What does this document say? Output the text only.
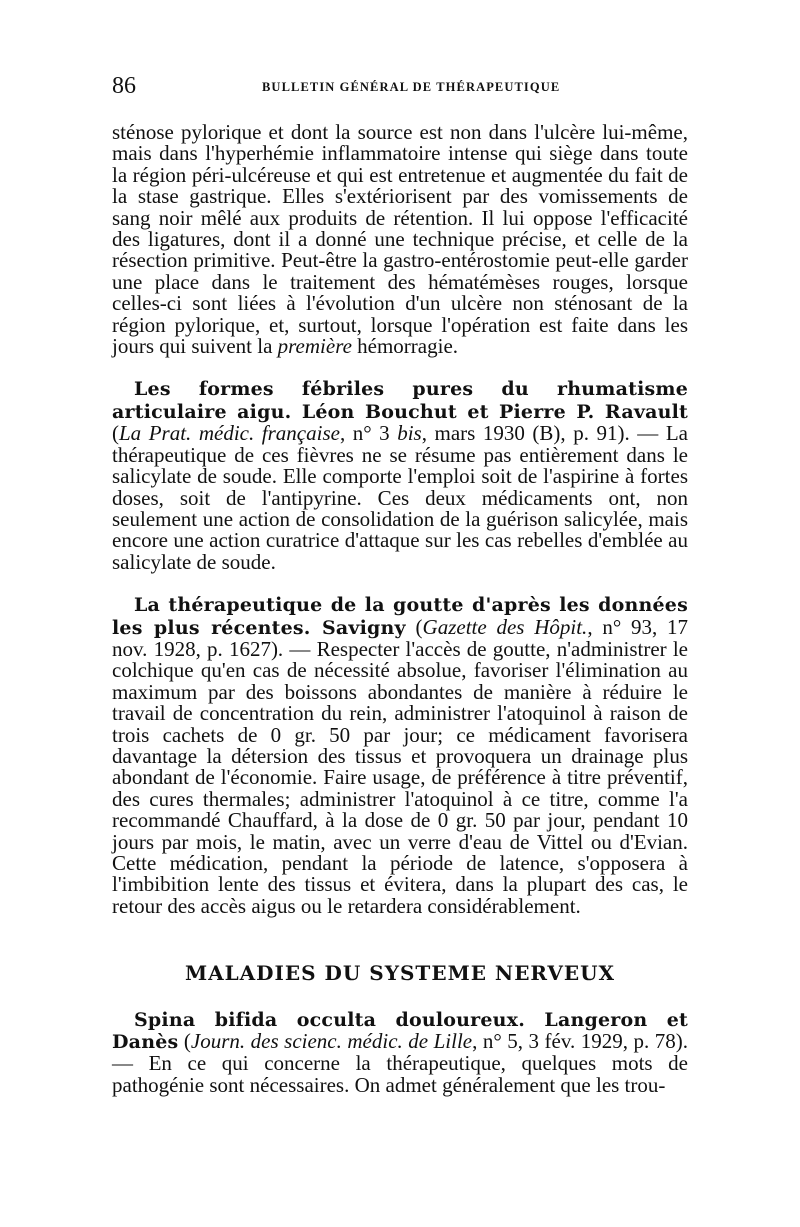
86	BULLETIN GÉNÉRAL DE THÉRAPEUTIQUE

sténose pylorique et dont la source est non dans l'ulcère lui-même, mais dans l'hyperhémie inflammatoire intense qui siège dans toute la région péri-ulcéreuse et qui est entretenue et augmentée du fait de la stase gastrique. Elles s'extériorisent par des vomissements de sang noir mêlé aux produits de rétention. Il lui oppose l'efficacité des ligatures, dont il a donné une technique précise, et celle de la résection primitive. Peut-être la gastro-entérostomie peut-elle garder une place dans le traitement des hématémèses rouges, lorsque celles-ci sont liées à l'évolution d'un ulcère non sténosant de la région pylorique, et, surtout, lorsque l'opération est faite dans les jours qui suivent la première hémorragie.

Les formes fébriles pures du rhumatisme articulaire aigu. Léon Bouchut et Pierre P. Ravault (La Prat. médic. française, n° 3 bis, mars 1930 (B), p. 91). — La thérapeutique de ces fièvres ne se résume pas entièrement dans le salicylate de soude. Elle comporte l'emploi soit de l'aspirine à fortes doses, soit de l'antipyrine. Ces deux médicaments ont, non seulement une action de consolidation de la guérison salicylée, mais encore une action curatrice d'attaque sur les cas rebelles d'emblée au salicylate de soude.

La thérapeutique de la goutte d'après les données les plus récentes. Savigny (Gazette des Hôpit., n° 93, 17 nov. 1928, p. 1627). — Respecter l'accès de goutte, n'administrer le colchique qu'en cas de nécessité absolue, favoriser l'élimination au maximum par des boissons abondantes de manière à réduire le travail de concentration du rein, administrer l'atoquinol à raison de trois cachets de 0 gr. 50 par jour; ce médicament favorisera davantage la détersion des tissus et provoquera un drainage plus abondant de l'économie. Faire usage, de préférence à titre préventif, des cures thermales; administrer l'atoquinol à ce titre, comme l'a recommandé Chauffard, à la dose de 0 gr. 50 par jour, pendant 10 jours par mois, le matin, avec un verre d'eau de Vittel ou d'Evian. Cette médication, pendant la période de latence, s'opposera à l'imbibition lente des tissus et évitera, dans la plupart des cas, le retour des accès aigus ou le retardera considérablement.

MALADIES DU SYSTEME NERVEUX

Spina bifida occulta douloureux. Langeron et Danès (Journ. des scienc. médic. de Lille, n° 5, 3 fév. 1929, p. 78). — En ce qui concerne la thérapeutique, quelques mots de pathogénie sont nécessaires. On admet généralement que les trou-
